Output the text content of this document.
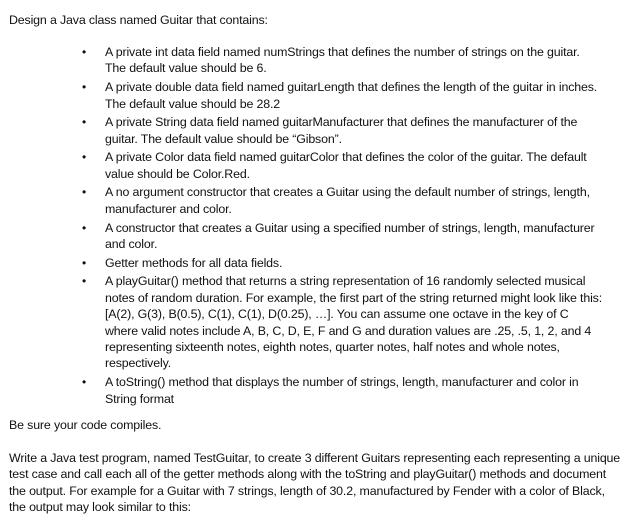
Design a Java class named Guitar that contains:

• A private int data field named numStrings that defines the number of strings on the guitar. The default value should be 6.
• A private double data field named guitarLength that defines the length of the guitar in inches. The default value should be 28.2
• A private String data field named guitarManufacturer that defines the manufacturer of the guitar. The default value should be “Gibson”.
• A private Color data field named guitarColor that defines the color of the guitar. The default value should be Color.Red.
• A no argument constructor that creates a Guitar using the default number of strings, length, manufacturer and color.
• A constructor that creates a Guitar using a specified number of strings, length, manufacturer and color.
• Getter methods for all data fields.
• A playGuitar() method that returns a string representation of 16 randomly selected musical notes of random duration. For example, the first part of the string returned might look like this: [A(2), G(3), B(0.5), C(1), C(1), D(0.25), …]. You can assume one octave in the key of C where valid notes include A, B, C, D, E, F and G and duration values are .25, .5, 1, 2, and 4 representing sixteenth notes, eighth notes, quarter notes, half notes and whole notes, respectively.
• A toString() method that displays the number of strings, length, manufacturer and color in String format

Be sure your code compiles.

Write a Java test program, named TestGuitar, to create 3 different Guitars representing each representing a unique test case and call each all of the getter methods along with the toString and playGuitar() methods and document the output. For example for a Guitar with 7 strings, length of 30.2, manufactured by Fender with a color of Black, the output may look similar to this:
